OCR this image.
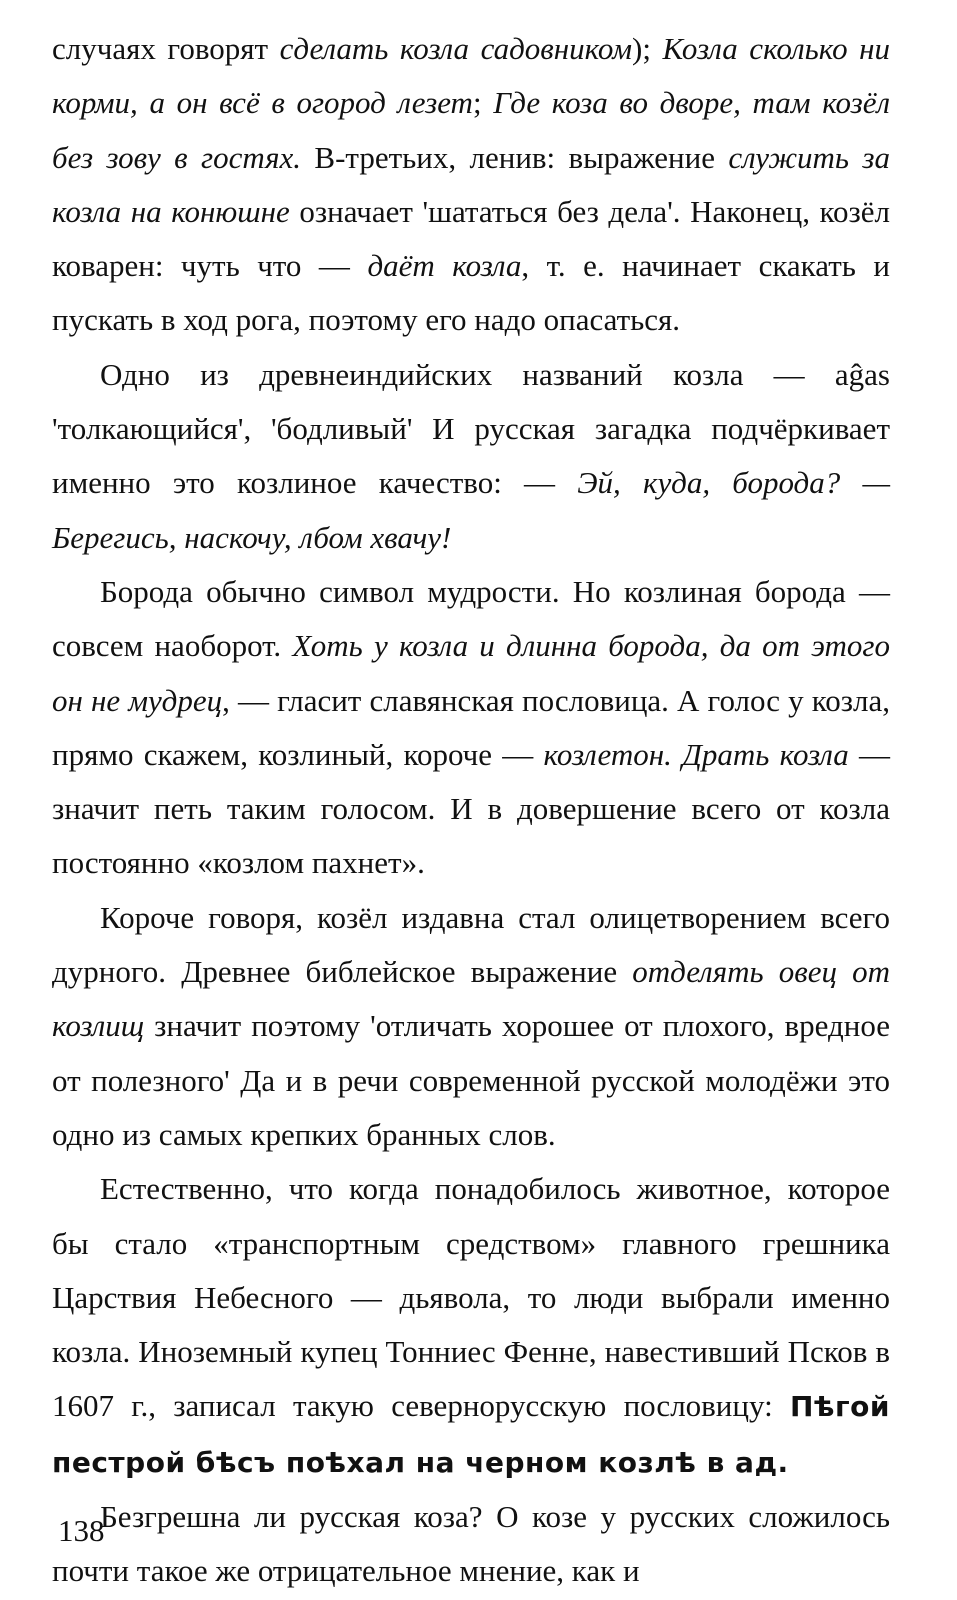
случаях говорят сделать козла садовником); Козла сколько ни корми, а он всё в огород лезет; Где коза во дворе, там козёл без зову в гостях. В-третьих, ленив: выражение служить за козла на конюшне означает 'шататься без дела'. Наконец, козёл коварен: чуть что — даёт козла, т. е. начинает скакать и пускать в ход рога, поэтому его надо опасаться.

Одно из древнеиндийских названий козла — aĝas 'толкающийся', 'бодливый' И русская загадка подчёркивает именно это козлиное качество: — Эй, куда, борода? — Берегись, наскочу, лбом хвачу!

Борода обычно символ мудрости. Но козлиная борода — совсем наоборот. Хоть у козла и длинна борода, да от этого он не мудрец, — гласит славянская пословица. А голос у козла, прямо скажем, козлиный, короче — козлетон. Драть козла — значит петь таким голосом. И в довершение всего от козла постоянно «козлом пахнет».

Короче говоря, козёл издавна стал олицетворением всего дурного. Древнее библейское выражение отделять овец от козлищ значит поэтому 'отличать хорошее от плохого, вредное от полезного' Да и в речи современной русской молодёжи это одно из самых крепких бранных слов.

Естественно, что когда понадобилось животное, которое бы стало «транспортным средством» главного грешника Царствия Небесного — дьявола, то люди выбрали именно козла. Иноземный купец Тонниес Фенне, навестивший Псков в 1607 г., записал такую севернорусскую пословицу: Пѣгой пестрой бѣсъ поѣхал на черном козлѣ в ад.

Безгрешна ли русская коза? О козе у русских сложилось почти такое же отрицательное мнение, как и

138
